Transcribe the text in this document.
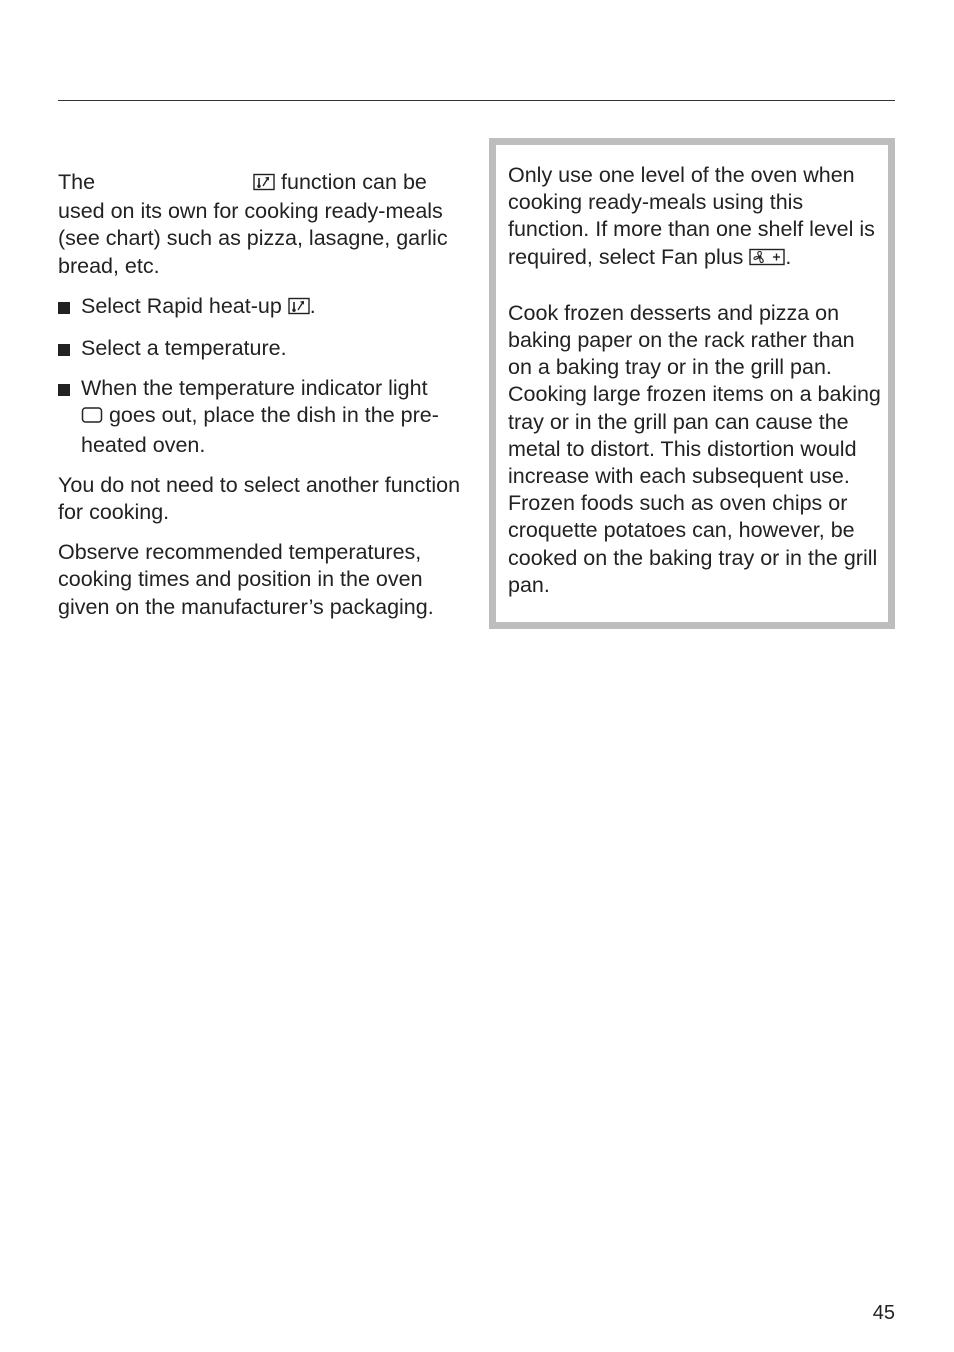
The	function can be used on its own for cooking ready-meals (see chart) such as pizza, lasagne, garlic bread, etc.

Select Rapid heat-up .
Select a temperature.
When the temperature indicator light
goes out, place the dish in the pre-heated oven.

You do not need to select another function for cooking.

Observe recommended temperatures, cooking times and position in the oven given on the manufacturer’s packaging.

Only use one level of the oven when cooking ready-meals using this function. If more than one shelf level is required, select Fan plus .

Cook frozen desserts and pizza on baking paper on the rack rather than on a baking tray or in the grill pan. Cooking large frozen items on a baking tray or in the grill pan can cause the metal to distort. This distortion would increase with each subsequent use.

Frozen foods such as oven chips or croquette potatoes can, however, be cooked on the baking tray or in the grill pan.

45
